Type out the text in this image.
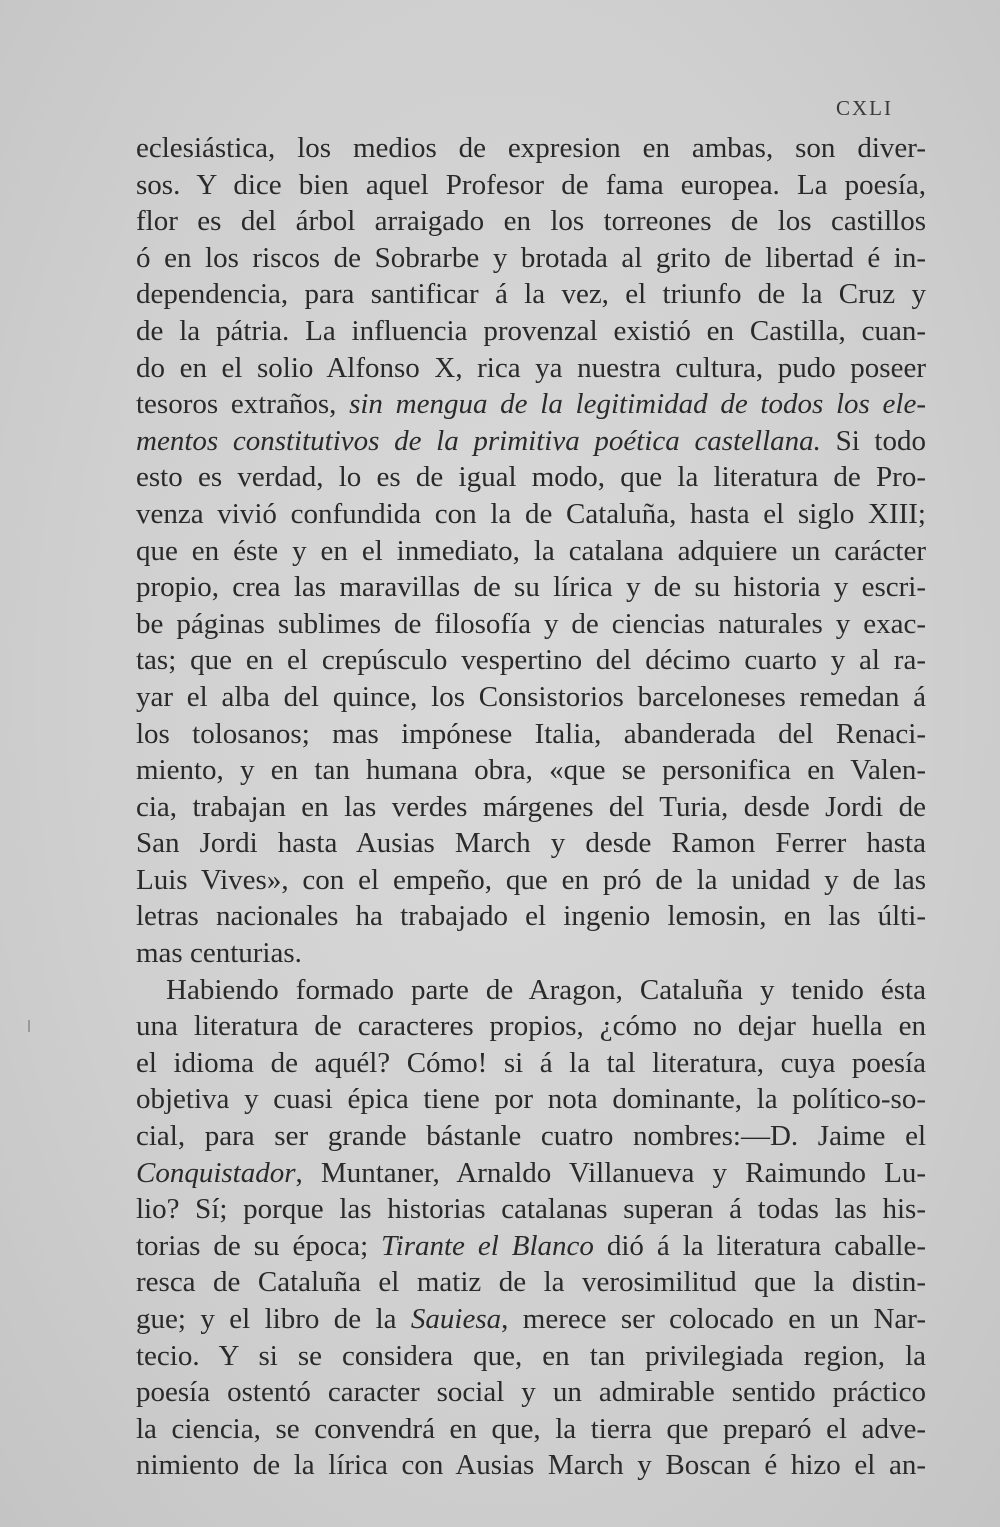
CXLI
eclesiástica, los medios de expresion en ambas, son diver-
sos. Y dice bien aquel Profesor de fama europea. La poesía,
flor es del árbol arraigado en los torreones de los castillos
ó en los riscos de Sobrarbe y brotada al grito de libertad é in-
dependencia, para santificar á la vez, el triunfo de la Cruz y
de la pátria. La influencia provenzal existió en Castilla, cuan-
do en el solio Alfonso X, rica ya nuestra cultura, pudo poseer
tesoros extraños, sin mengua de la legitimidad de todos los ele-
mentos constitutivos de la primitiva poética castellana. Si todo
esto es verdad, lo es de igual modo, que la literatura de Pro-
venza vivió confundida con la de Cataluña, hasta el siglo XIII;
que en éste y en el inmediato, la catalana adquiere un carácter
propio, crea las maravillas de su lírica y de su historia y escri-
be páginas sublimes de filosofía y de ciencias naturales y exac-
tas; que en el crepúsculo vespertino del décimo cuarto y al ra-
yar el alba del quince, los Consistorios barceloneses remedan á
los tolosanos; mas impónese Italia, abanderada del Renaci-
miento, y en tan humana obra, «que se personifica en Valen-
cia, trabajan en las verdes márgenes del Turia, desde Jordi de
San Jordi hasta Ausias March y desde Ramon Ferrer hasta
Luis Vives», con el empeño, que en pró de la unidad y de las
letras nacionales ha trabajado el ingenio lemosin, en las últi-
mas centurias.
Habiendo formado parte de Aragon, Cataluña y tenido ésta
una literatura de caracteres propios, ¿cómo no dejar huella en
el idioma de aquél? Cómo! si á la tal literatura, cuya poesía
objetiva y cuasi épica tiene por nota dominante, la político-so-
cial, para ser grande bástanle cuatro nombres:—D. Jaime el
Conquistador, Muntaner, Arnaldo Villanueva y Raimundo Lu-
lio? Sí; porque las historias catalanas superan á todas las his-
torias de su época; Tirante el Blanco dió á la literatura caballe-
resca de Cataluña el matiz de la verosimilitud que la distin-
gue; y el libro de la Sauiesa, merece ser colocado en un Nar-
tecio. Y si se considera que, en tan privilegiada region, la
poesía ostentó caracter social y un admirable sentido práctico
la ciencia, se convendrá en que, la tierra que preparó el adve-
nimiento de la lírica con Ausias March y Boscan é hizo el an-
